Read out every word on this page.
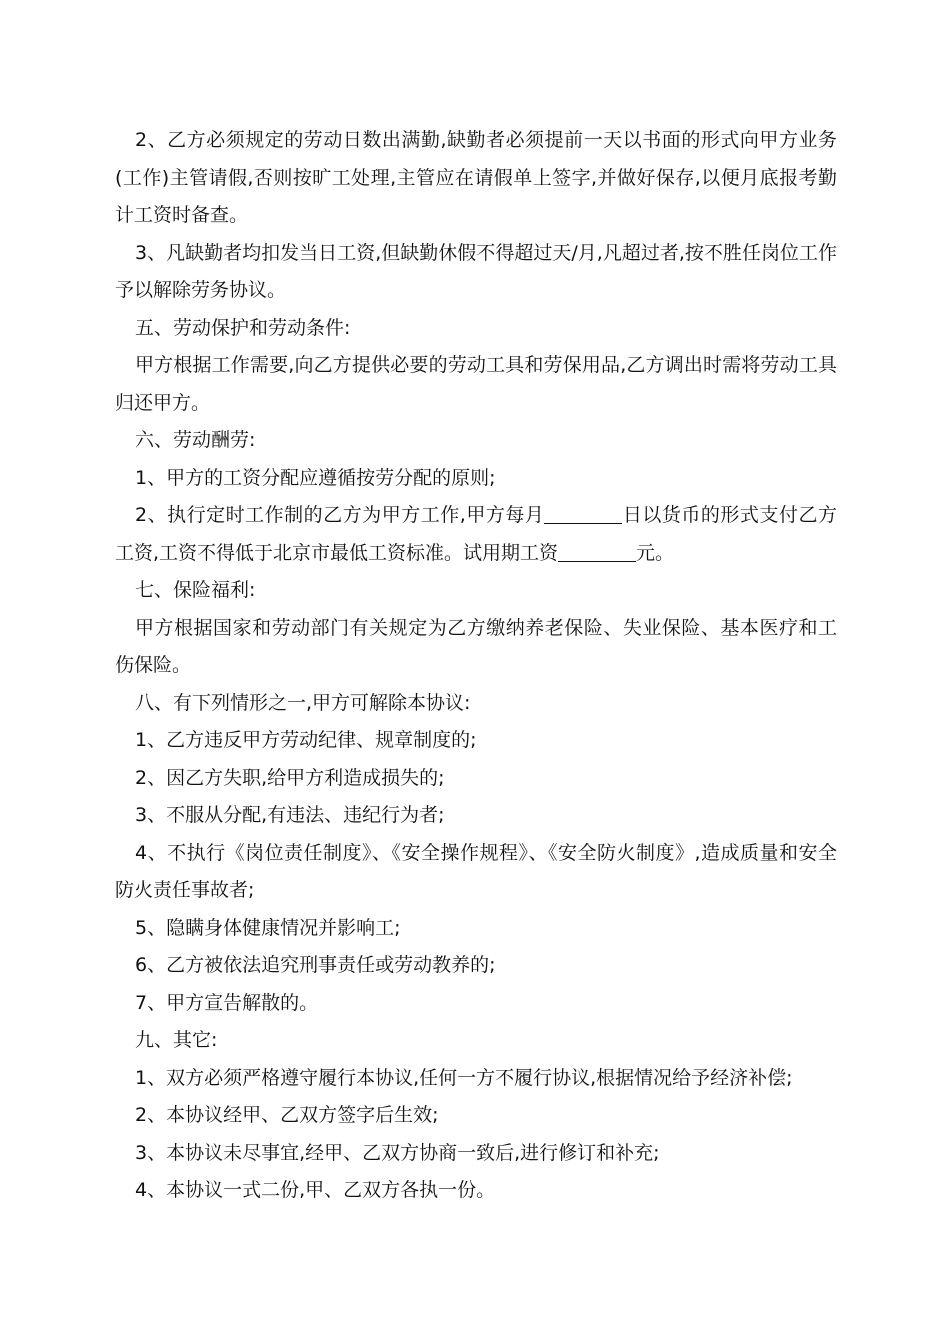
2、乙方必须规定的劳动日数出满勤,缺勤者必须提前一天以书面的形式向甲方业务(工作)主管请假,否则按旷工处理,主管应在请假单上签字,并做好保存,以便月底报考勤计工资时备查。

3、凡缺勤者均扣发当日工资,但缺勤休假不得超过天/月,凡超过者,按不胜任岗位工作予以解除劳务协议。

五、劳动保护和劳动条件:

甲方根据工作需要,向乙方提供必要的劳动工具和劳保用品,乙方调出时需将劳动工具归还甲方。

六、劳动酬劳:

1、甲方的工资分配应遵循按劳分配的原则;

2、执行定时工作制的乙方为甲方工作,甲方每月	日以货币的形式支付乙方工资,工资不得低于北京市最低工资标准。试用期工资	元。

七、保险福利:

甲方根据国家和劳动部门有关规定为乙方缴纳养老保险、失业保险、基本医疗和工伤保险。

八、有下列情形之一,甲方可解除本协议:

1、乙方违反甲方劳动纪律、规章制度的;

2、因乙方失职,给甲方利造成损失的;

3、不服从分配,有违法、违纪行为者;

4、不执行《岗位责任制度》、《安全操作规程》、《安全防火制度》,造成质量和安全防火责任事故者;

5、隐瞒身体健康情况并影响工;

6、乙方被依法追究刑事责任或劳动教养的;

7、甲方宣告解散的。

九、其它:

1、双方必须严格遵守履行本协议,任何一方不履行协议,根据情况给予经济补偿;

2、本协议经甲、乙双方签字后生效;

3、本协议未尽事宜,经甲、乙双方协商一致后,进行修订和补充;

4、本协议一式二份,甲、乙双方各执一份。
